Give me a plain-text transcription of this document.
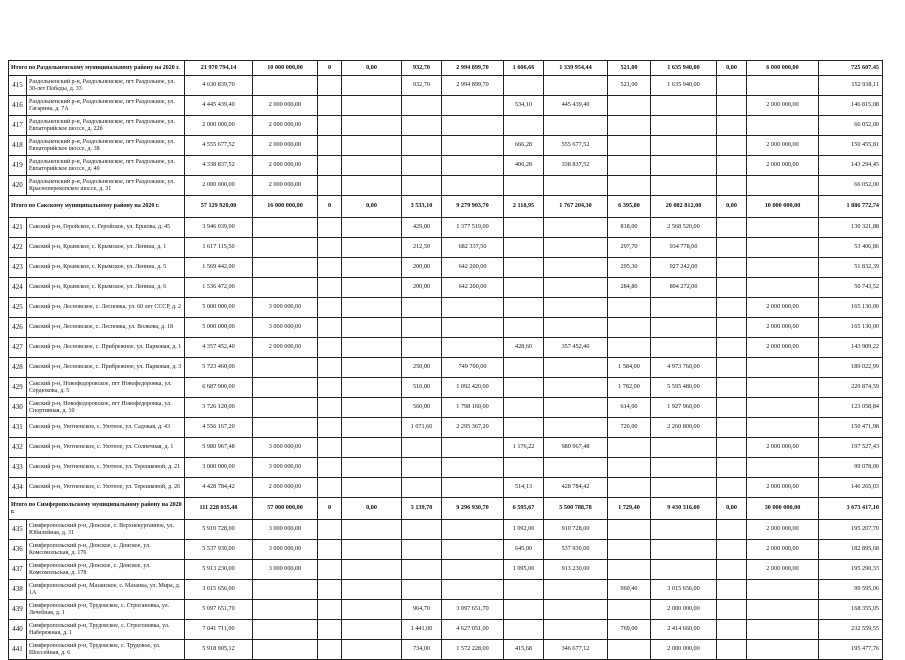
Итого по Раздольненскому муниципальному району на 2020 г.		21 970 794,14	10 000 000,00	0	0,00	932,70	2 994 899,70	1 606,66	1 339 954,44	521,00	1 635 940,00	0,00	6 000 000,00	725 607,45
415	Раздольненский р-н, Раздольненское, пгт Раздольное, ул. 30-лет Победы, д. 33	4 630 839,70				932,70	2 994 899,70			521,00	1 635 940,00			152 938,11
416	Раздольненский р-н, Раздольненское, пгт Раздольное, ул. Гагарина, д. 7А	4 445 439,40	2 000 000,00					534,10	445 439,40				2 000 000,00	146 815,08
417	Раздольненский р-н, Раздольненское, пгт Раздольное, ул. Евпаторийское шоссе, д. 22б	2 000 000,00	2 000 000,00											66 052,00
418	Раздольненский р-н, Раздольненское, пгт Раздольное, ул. Евпаторийское шоссе, д. 38	4 555 677,52	2 000 000,00					666,28	555 677,52				2 000 000,00	150 455,81
419	Раздольненский р-н, Раздольненское, пгт Раздольное, ул. Евпаторийское шоссе, д. 40	4 338 837,52	2 000 000,00					406,28	338 837,52				2 000 000,00	143 294,45
420	Раздольненский р-н, Раздольненское, пгт Раздольное, ул. Красноперекопское шоссе, д. 31	2 000 000,00	2 000 000,00											66 052,00
Итого по Сакскому муниципальному району на 2020 г.		57 129 920,00	16 000 000,00	0	0,00	3 533,10	9 279 903,70	2 118,95	1 767 204,30	6 395,80	20 082 812,00	0,00	10 000 000,00	1 886 772,74
421	Сакский р-н, Геройское, с. Геройское, ул. Ершова, д. 45	3 946 039,00				429,00	1 377 519,00			818,00	2 568 520,00			130 321,88
422	Сакский р-н, Крымское, с. Крымское, ул. Ленина, д. 1	1 617 115,50				212,50	682 337,50			297,70	934 778,00			53 406,86
423	Сакский р-н, Крымское, с. Крымское, ул. Ленина, д. 5	1 569 442,00				200,00	642 200,00			295,30	927 242,00			51 832,39
424	Сакский р-н, Крымское, с. Крымское, ул. Ленина, д. 6	1 536 472,00				200,00	642 200,00			284,80	894 272,00			50 743,52
425	Сакский р-н, Лесновское, с. Лесновка, ул. 60 лет СССР, д. 2	5 000 000,00	3 000 000,00										2 000 000,00	165 130,00
426	Сакский р-н, Лесновское, с. Лесновка, ул. Волкова, д. 18	5 000 000,00	3 000 000,00										2 000 000,00	165 130,00
427	Сакский р-н, Лесновское, с. Прибрежное, ул. Парковая, д. 1	4 357 452,40	2 000 000,00					428,60	357 452,40				2 000 000,00	143 909,22
428	Сакский р-н, Лесновское, с. Прибрежное, ул. Парковая, д. 3	5 723 460,00				250,00	749 700,00			1 584,00	4 973 760,00			189 022,99
429	Сакский р-н, Новофедоровское, пгт Новофедоровка, ул. Сердюкова, д. 5	6 687 900,00				510,00	1 092 420,00			1 782,00	5 595 480,00			220 874,59
430	Сакский р-н, Новофедоровское, пгт Новофедоровка, ул. Спортивная, д. 10	3 726 120,00				560,00	1 798 160,00			614,00	1 927 960,00			123 058,84
431	Сакский р-н, Уютненское, с. Уютное, ул. Садовая, д. 43	4 556 167,20				1 071,60	2 295 367,20			720,00	2 260 800,00			150 471,98
432	Сакский р-н, Уютненское, с. Уютное, ул. Солнечная, д. 1	5 980 967,48	3 000 000,00					1 176,22	980 967,48				2 000 000,00	197 527,43
433	Сакский р-н, Уютненское, с. Уютное, ул. Терешковой, д. 21	3 000 000,00	3 000 000,00											99 078,00
434	Сакский р-н, Уютненское, с. Уютное, ул. Терешковой, д. 26	4 428 784,42	2 000 000,00					514,13	428 784,42				2 000 000,00	146 265,03
Итого по Симферопольскому муниципальному району на 2020 г.		111 228 035,48	57 000 000,00	0	0,00	3 139,70	9 296 930,70	6 595,67	5 500 788,78	1 729,40	9 430 316,00	0,00	30 000 000,00	3 673 417,10
435	Симферопольский р-н, Донское, с. Верхнекурганное, ул. Юбилейная, д. 31	5 910 728,00	3 000 000,00					1 092,00	910 728,00				2 000 000,00	195 207,70
436	Симферопольский р-н, Донское, с. Донское, ул. Комсомольская, д. 176	5 537 930,00	3 000 000,00					645,00	537 930,00				2 000 000,00	182 895,68
437	Симферопольский р-н, Донское, с. Донское, ул. Комсомольская, д. 178	5 913 230,00	3 000 000,00					1 095,00	913 230,00				2 000 000,00	195 290,33
438	Симферопольский р-н, Мазанское, с. Мазанка, ул. Мира, д. 1А	3 015 656,00								960,40	3 015 656,00			99 595,06
439	Симферопольский р-н, Трудовское, с. Строгановка, ул. Лечебная, д. 1	5 097 651,70				964,70	3 097 651,70				2 000 000,00			168 355,05
440	Симферопольский р-н, Трудовское, с. Строгоновка, ул. Набережная, д. 1	7 041 711,00				1 441,00	4 627 051,00			769,00	2 414 660,00			232 559,55
441	Симферопольский р-н, Трудовское, с. Трудовое, ул. Шоссейная, д. 6	5 918 905,12				734,00	1 572 228,00	415,68	346 677,12		2 000 000,00			195 477,76
